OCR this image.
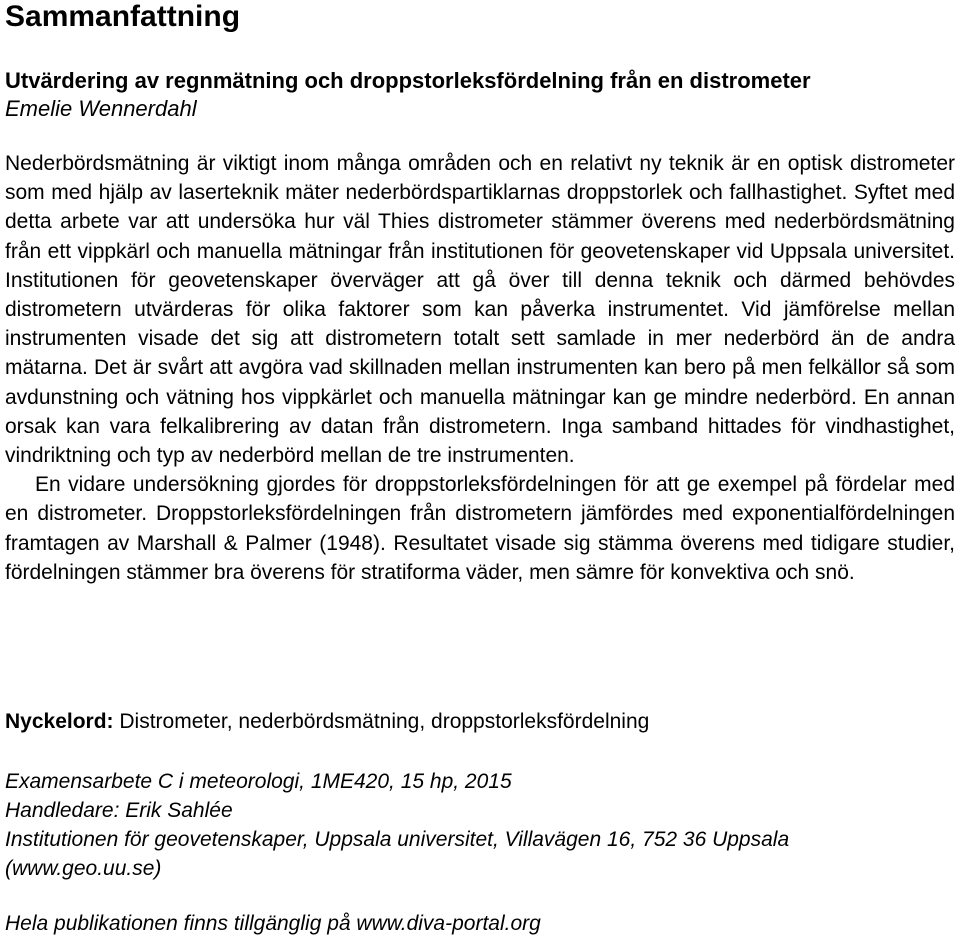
Sammanfattning
Utvärdering av regnmätning och droppstorleksfördelning från en distrometer
Emelie Wennerdahl

Nederbördsmätning är viktigt inom många områden och en relativt ny teknik är en optisk distrometer som med hjälp av laserteknik mäter nederbördspartiklarnas droppstorlek och fallhastighet. Syftet med detta arbete var att undersöka hur väl Thies distrometer stämmer överens med nederbördsmätning från ett vippkärl och manuella mätningar från institutionen för geovetenskaper vid Uppsala universitet. Institutionen för geovetenskaper överväger att gå över till denna teknik och därmed behövdes distrometern utvärderas för olika faktorer som kan påverka instrumentet. Vid jämförelse mellan instrumenten visade det sig att distrometern totalt sett samlade in mer nederbörd än de andra mätarna. Det är svårt att avgöra vad skillnaden mellan instrumenten kan bero på men felkällor så som avdunstning och vätning hos vippkärlet och manuella mätningar kan ge mindre nederbörd. En annan orsak kan vara felkalibrering av datan från distrometern. Inga samband hittades för vindhastighet, vindriktning och typ av nederbörd mellan de tre instrumenten.

En vidare undersökning gjordes för droppstorleksfördelningen för att ge exempel på fördelar med en distrometer. Droppstorleksfördelningen från distrometern jämfördes med exponentialfördelningen framtagen av Marshall & Palmer (1948). Resultatet visade sig stämma överens med tidigare studier, fördelningen stämmer bra överens för stratiforma väder, men sämre för konvektiva och snö.

Nyckelord: Distrometer, nederbördsmätning, droppstorleksfördelning
Examensarbete C i meteorologi, 1ME420, 15 hp, 2015
Handledare: Erik Sahlée
Institutionen för geovetenskaper, Uppsala universitet, Villavägen 16, 752 36 Uppsala
(www.geo.uu.se)
Hela publikationen finns tillgänglig på www.diva-portal.org
